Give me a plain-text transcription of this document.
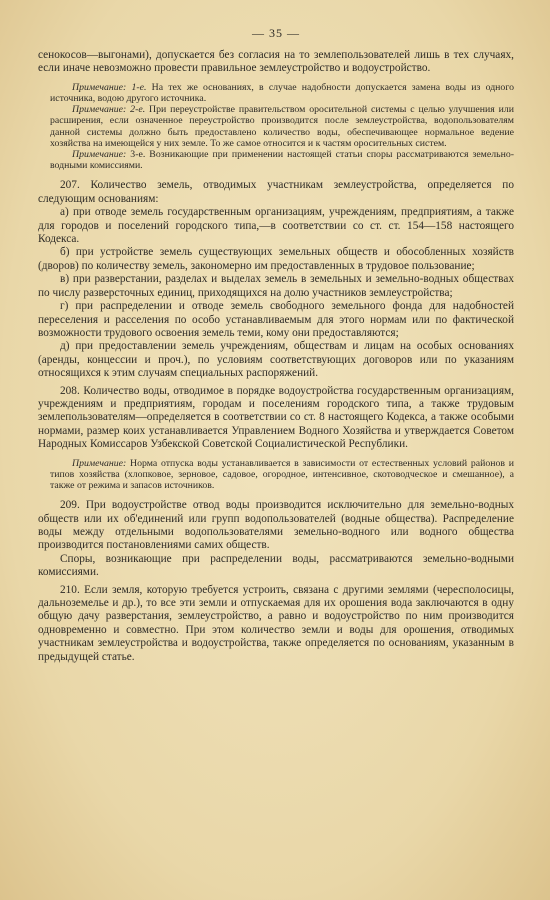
— 35 —

сенокосов—выгонами), допускается без согласия на то землепользователей лишь в тех случаях, если иначе невозможно провести правильное землеустройство и водоустройство.

Примечание: 1-е. На тех же основаниях, в случае надобности допускается замена воды из одного источника, водою другого источника.

Примечание: 2-е. При переустройстве правительством оросительной системы с целью улучшения или расширения, если означенное переустройство производится после землеустройства, водопользователям данной системы должно быть предоставлено количество воды, обеспечивающее нормальное ведение хозяйства на имеющейся у них земле. То же самое относится и к частям оросительных систем.

Примечание: 3-е. Возникающие при применении настоящей статьи споры рассматриваются земельно-водными комиссиями.

207. Количество земель, отводимых участникам землеустройства, определяется по следующим основаниям:

а) при отводе земель государственным организациям, учреждениям, предприятиям, а также для городов и поселений городского типа,—в соответствии со ст. ст. 154—158 настоящего Кодекса.

б) при устройстве земель существующих земельных обществ и обособленных хозяйств (дворов) по количеству земель, закономерно им предоставленных в трудовое пользование;

в) при разверстании, разделах и выделах земель в земельных и земельно-водных обществах по числу разверсточных единиц, приходящихся на долю участников землеустройства;

г) при распределении и отводе земель свободного земельного фонда для надобностей переселения и расселения по особо устанавливаемым для этого нормам или по фактической возможности трудового освоения земель теми, кому они предоставляются;

д) при предоставлении земель учреждениям, обществам и лицам на особых основаниях (аренды, концессии и проч.), по условиям соответствующих договоров или по указаниям относящихся к этим случаям специальных распоряжений.

208. Количество воды, отводимое в порядке водоустройства государственным организациям, учреждениям и предприятиям, городам и поселениям городского типа, а также трудовым землепользователям—определяется в соответствии со ст. 8 настоящего Кодекса, а также особыми нормами, размер коих устанавливается Управлением Водного Хозяйства и утверждается Советом Народных Комиссаров Узбекской Советской Социалистической Республики.

Примечание: Норма отпуска воды устанавливается в зависимости от естественных условий районов и типов хозяйства (хлопковое, зерновое, садовое, огородное, интенсивное, скотоводческое и смешанное), а также от режима и запасов источников.

209. При водоустройстве отвод воды производится исключительно для земельно-водных обществ или их об'единений или групп водопользователей (водные общества). Распределение воды между отдельными водопользователями земельно-водного или водного общества производится постановлениями самих обществ.

Споры, возникающие при распределении воды, рассматриваются земельно-водными комиссиями.

210. Если земля, которую требуется устроить, связана с другими землями (чересполосицы, дальноземелье и др.), то все эти земли и отпускаемая для их орошения вода заключаются в одну общую дачу разверстания, землеустройство, а равно и водоустройство по ним производится одновременно и совместно. При этом количество земли и воды для орошения, отводимых участникам землеустройства и водоустройства, также определяется по основаниям, указанным в предыдущей статье.
